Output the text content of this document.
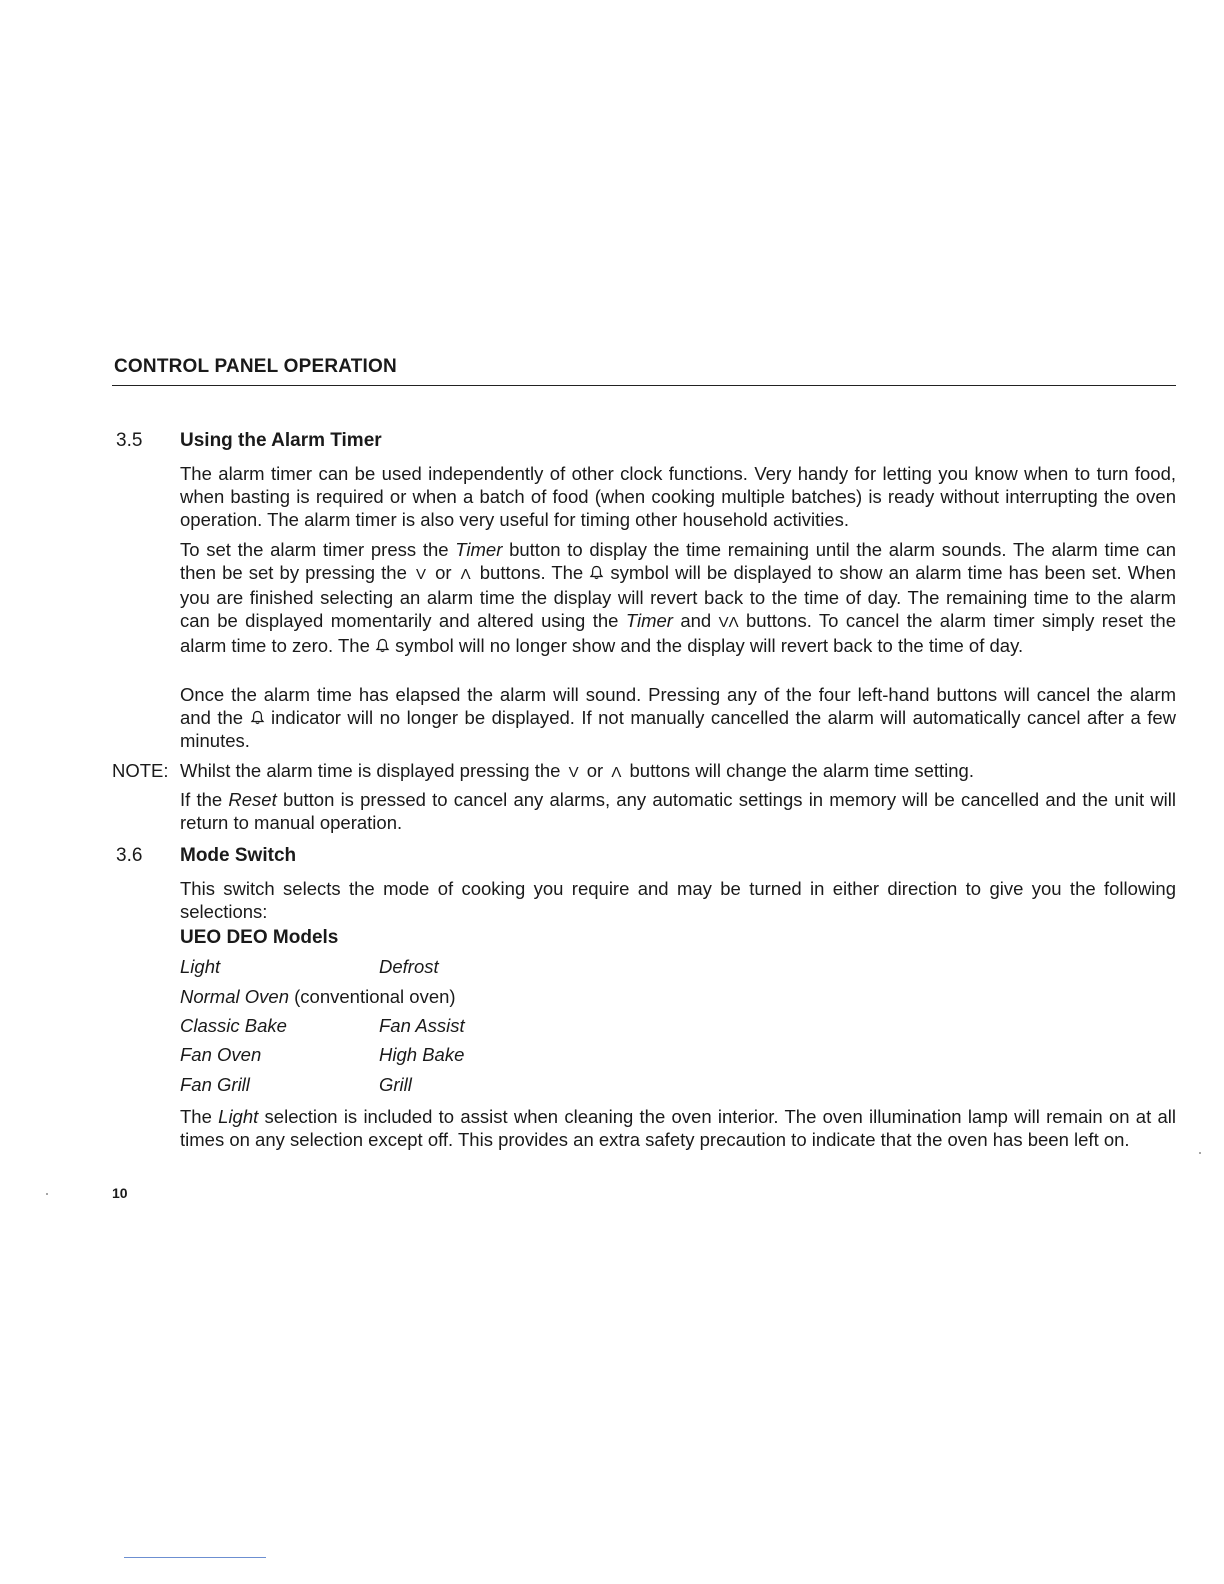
CONTROL PANEL OPERATION
3.5 Using the Alarm Timer
The alarm timer can be used independently of other clock functions. Very handy for letting you know when to turn food, when basting is required or when a batch of food (when cooking multiple batches) is ready without interrupting the oven operation. The alarm timer is also very useful for timing other household activities.
To set the alarm timer press the Timer button to display the time remaining until the alarm sounds. The alarm time can then be set by pressing the V or Λ buttons. The symbol will be displayed to show an alarm time has been set. When you are finished selecting an alarm time the display will revert back to the time of day. The remaining time to the alarm can be displayed momentarily and altered using the Timer and VΛ buttons. To cancel the alarm timer simply reset the alarm time to zero. The symbol will no longer show and the display will revert back to the time of day.
Once the alarm time has elapsed the alarm will sound. Pressing any of the four left-hand buttons will cancel the alarm and the indicator will no longer be displayed. If not manually cancelled the alarm will automatically cancel after a few minutes.
NOTE: Whilst the alarm time is displayed pressing the V or Λ buttons will change the alarm time setting.
If the Reset button is pressed to cancel any alarms, any automatic settings in memory will be cancelled and the unit will return to manual operation.
3.6 Mode Switch
This switch selects the mode of cooking you require and may be turned in either direction to give you the following selections:
UEO DEO Models
Light	Defrost
Normal Oven (conventional oven)
Classic Bake	Fan Assist
Fan Oven	High Bake
Fan Grill	Grill
The Light selection is included to assist when cleaning the oven interior. The oven illumination lamp will remain on at all times on any selection except off. This provides an extra safety precaution to indicate that the oven has been left on.
10
